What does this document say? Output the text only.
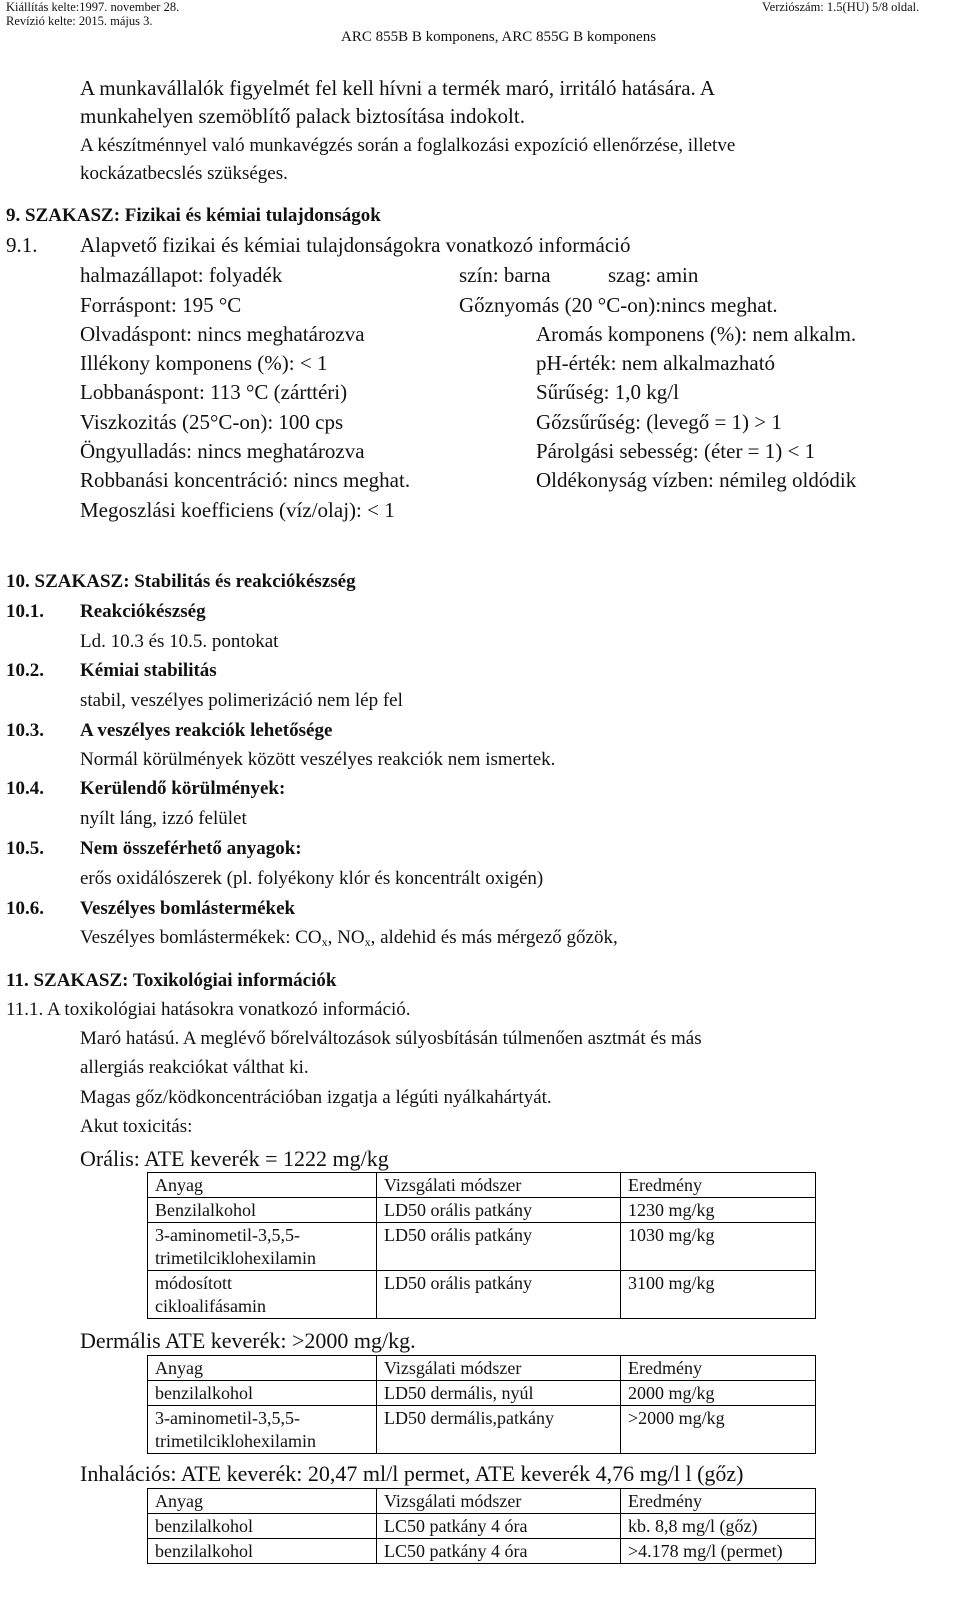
Kiállítás kelte:1997. november 28.
Revízió kelte: 2015. május 3.
Verziószám: 1.5(HU) 5/8 oldal.
ARC 855B B komponens, ARC 855G B komponens
A munkavállalók figyelmét fel kell hívni a termék maró, irritáló hatására. A
munkahelyen szemöblítő palack biztosítása indokolt.
A készítménnyel való munkavégzés során a foglalkozási expozíció ellenőrzése, illetve
kockázatbecslés szükséges.
9. SZAKASZ: Fizikai és kémiai tulajdonságok
9.1. Alapvető fizikai és kémiai tulajdonságokra vonatkozó információ
halmazállapot: folyadék	szín: barna	szag: amin
Forráspont: 195 °C	Gőznyomás (20 °C-on):nincs meghat.
Olvadáspont: nincs meghatározva	Aromás komponens (%): nem alkalm.
Illékony komponens (%): < 1	pH-érték: nem alkalmazható
Lobbanáspont: 113 °C (zárttéri)	Sűrűség: 1,0 kg/l
Viszkozitás (25°C-on): 100 cps	Gőzsűrűség: (levegő = 1) > 1
Öngyulladás: nincs meghatározva	Párolgási sebesség: (éter = 1) < 1
Robbanási koncentráció: nincs meghat.	Oldékonyság vízben: némileg oldódik
Megoszlási koefficiens (víz/olaj): < 1
10. SZAKASZ: Stabilitás és reakciókészség
10.1. Reakciókészség
Ld. 10.3 és 10.5. pontokat
10.2. Kémiai stabilitás
stabil, veszélyes polimerizáció nem lép fel
10.3. A veszélyes reakciók lehetősége
Normál körülmények között veszélyes reakciók nem ismertek.
10.4. Kerülendő körülmények:
nyílt láng, izzó felület
10.5. Nem összeférhető anyagok:
erős oxidálószerek (pl. folyékony klór és koncentrált oxigén)
10.6. Veszélyes bomlástermékek
Veszélyes bomlástermékek: $CO_x$, $NO_x$, aldehid és más mérgező gőzök,
11. SZAKASZ: Toxikológiai információk
11.1. A toxikológiai hatásokra vonatkozó információ.
Maró hatású. A meglévő bőrelváltozások súlyosbításán túlmenően asztmát és más
allergiás reakciókat válthat ki.
Magas gőz/ködkoncentrációban izgatja a légúti nyálkahártyát.
Akut toxicitás:
Orális: ATE keverék = 1222 mg/kg
Anyag	Vizsgálati módszer	Eredmény
Benzilalkohol	LD50 orális patkány	1230 mg/kg
3-aminometil-3,5,5-
trimetilciklohexilamin	LD50 orális patkány	1030 mg/kg
módosított
cikloalifásamin	LD50 orális patkány	3100 mg/kg
Dermális ATE keverék: >2000 mg/kg.
Anyag	Vizsgálati módszer	Eredmény
benzilalkohol	LD50 dermális, nyúl	2000 mg/kg
3-aminometil-3,5,5-
trimetilciklohexilamin	LD50 dermális,patkány	>2000 mg/kg
Inhalációs: ATE keverék: 20,47 ml/l permet, ATE keverék 4,76 mg/l l (gőz)
Anyag	Vizsgálati módszer	Eredmény
benzilalkohol	LC50 patkány 4 óra	kb. 8,8 mg/l (gőz)
benzilalkohol	LC50 patkány 4 óra	>4.178 mg/l (permet)
